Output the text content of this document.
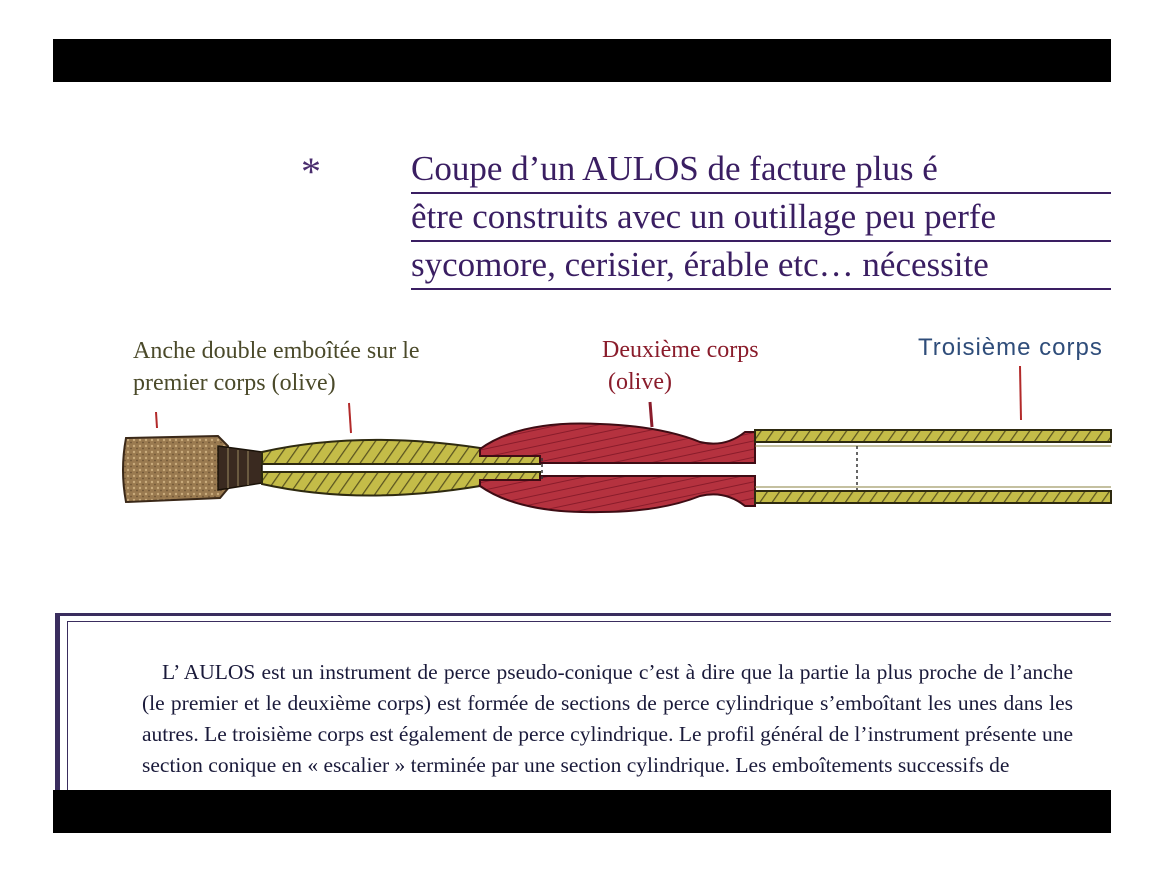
*	Coupe d’un AULOS de facture plus é
être construits avec un outillage peu perfe
sycomore, cerisier, érable etc… nécessite
Anche double emboîtée sur le
premier corps (olive)
Deuxième corps
(olive)
Troisième corps
L’ AULOS est un instrument de perce pseudo-conique c’est à dire que la partie la plus proche de l’anche (le premier et le deuxième corps) est formée de sections de perce cylindrique s’emboîtant les unes dans les autres. Le troisième corps est également de perce cylindrique. Le profil général de l’instrument présente une section conique en « escalier » terminée par une section cylindrique. Les emboîtements successifs de
